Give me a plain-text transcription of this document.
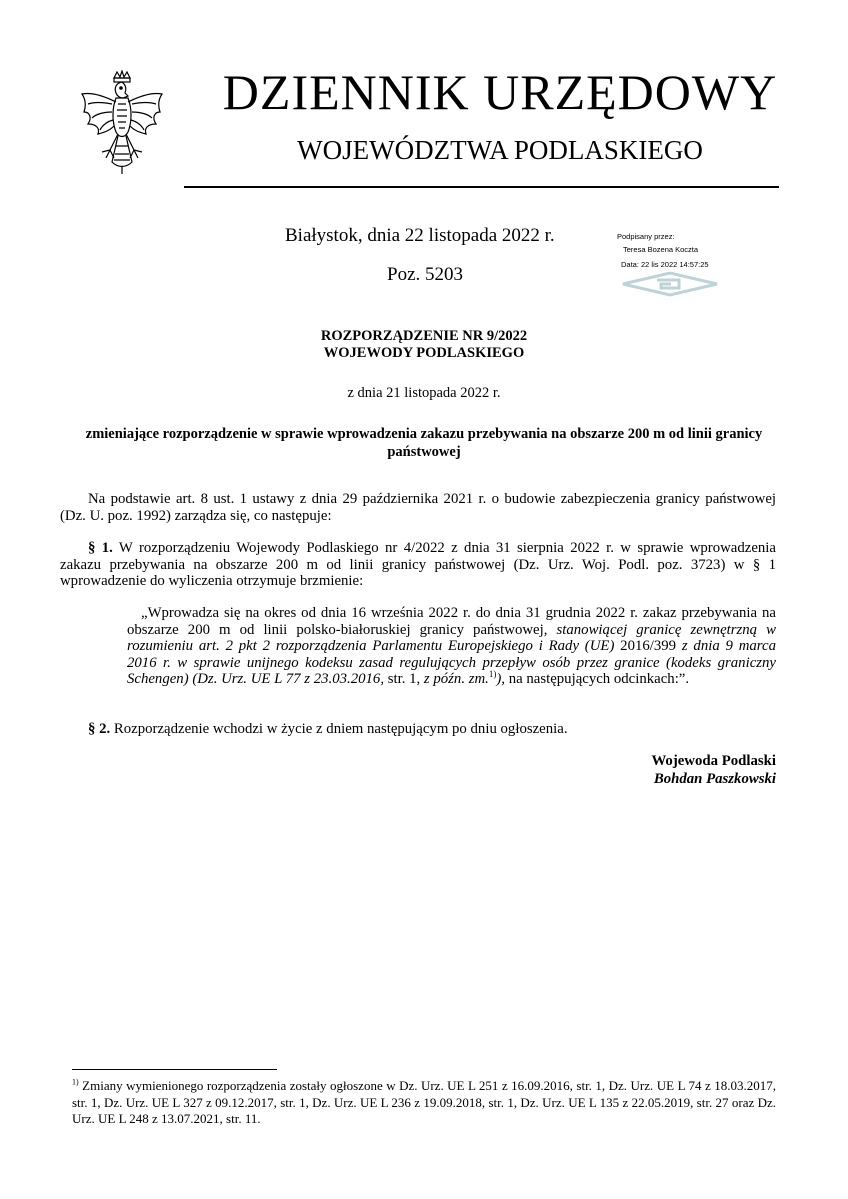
DZIENNIK URZĘDOWY
WOJEWÓDZTWA PODLASKIEGO
Białystok, dnia 22 listopada 2022 r.
Poz. 5203
Podpisany przez:
Teresa Bozena Koczta
Data: 22 lis 2022 14:57:25
ROZPORZĄDZENIE NR 9/2022
WOJEWODY PODLASKIEGO
z dnia 21 listopada 2022 r.
zmieniające rozporządzenie w sprawie wprowadzenia zakazu przebywania na obszarze 200 m od linii granicy państwowej
Na podstawie art. 8 ust. 1 ustawy z dnia 29 października 2021 r. o budowie zabezpieczenia granicy państwowej (Dz. U. poz. 1992) zarządza się, co następuje:
§ 1. W rozporządzeniu Wojewody Podlaskiego nr 4/2022 z dnia 31 sierpnia 2022 r. w sprawie wprowadzenia zakazu przebywania na obszarze 200 m od linii granicy państwowej (Dz. Urz. Woj. Podl. poz. 3723) w § 1 wprowadzenie do wyliczenia otrzymuje brzmienie:
„Wprowadza się na okres od dnia 16 września 2022 r. do dnia 31 grudnia 2022 r. zakaz przebywania na obszarze 200 m od linii polsko-białoruskiej granicy państwowej, stanowiącej granicę zewnętrzną w rozumieniu art. 2 pkt 2 rozporządzenia Parlamentu Europejskiego i Rady (UE) 2016/399 z dnia 9 marca 2016 r. w sprawie unijnego kodeksu zasad regulujących przepływ osób przez granice (kodeks graniczny Schengen) (Dz. Urz. UE L 77 z 23.03.2016, str. 1, z późn. zm.$^{1)}$), na następujących odcinkach:”.
§ 2. Rozporządzenie wchodzi w życie z dniem następującym po dniu ogłoszenia.
Wojewoda Podlaski
Bohdan Paszkowski
$^{1)}$ Zmiany wymienionego rozporządzenia zostały ogłoszone w Dz. Urz. UE L 251 z 16.09.2016, str. 1, Dz. Urz. UE L 74 z 18.03.2017, str. 1, Dz. Urz. UE L 327 z 09.12.2017, str. 1, Dz. Urz. UE L 236 z 19.09.2018, str. 1, Dz. Urz. UE L 135 z 22.05.2019, str. 27 oraz Dz. Urz. UE L 248 z 13.07.2021, str. 11.
